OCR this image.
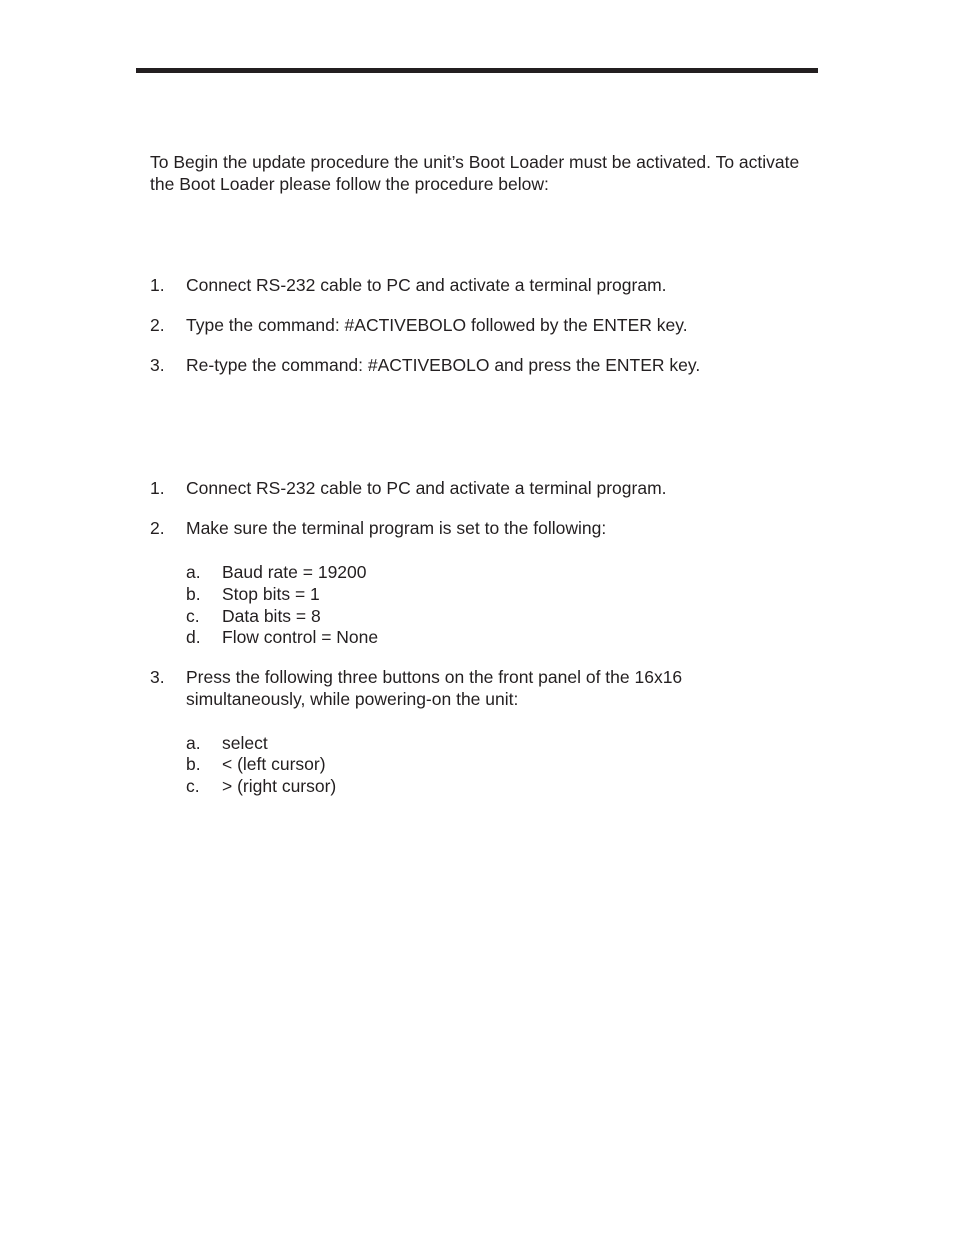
To Begin the update procedure the unit’s Boot Loader must be activated. To activate the Boot Loader please follow the procedure below:

1. Connect RS-232 cable to PC and activate a terminal program.
2. Type the command: #ACTIVEBOLO followed by the ENTER key.
3. Re-type the command: #ACTIVEBOLO and press the ENTER key.
1. Connect RS-232 cable to PC and activate a terminal program.
2. Make sure the terminal program is set to the following:
a. Baud rate = 19200
b. Stop bits = 1
c. Data bits = 8
d. Flow control = None
3. Press the following three buttons on the front panel of the 16x16
simultaneously, while powering-on the unit:
a. select
b. < (left cursor)
c. > (right cursor)
